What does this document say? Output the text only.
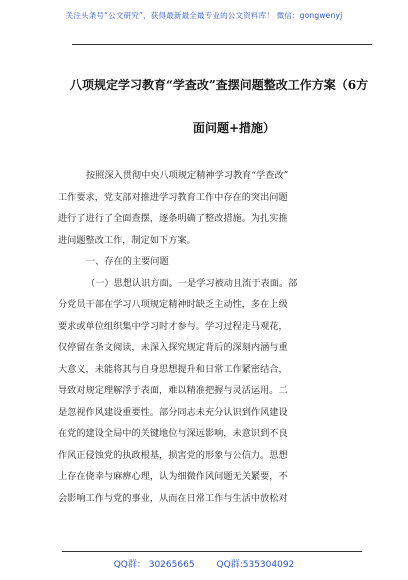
关注头条号“公文研究”，获得最新最全最专业的公文资料库！ 微信：gongwenyj
八项规定学习教育“学查改”查摆问题整改工作方案（6方
面问题+措施）
按照深入贯彻中央八项规定精神学习教育“学查改”
工作要求，党支部对推进学习教育工作中存在的突出问题
进行了进行了全面查摆，逐条明确了整改措施。为扎实推
进问题整改工作，制定如下方案。
一、存在的主要问题
（一）思想认识方面。一是学习被动且流于表面。部
分党员干部在学习八项规定精神时缺乏主动性，多在上级
要求或单位组织集中学习时才参与。学习过程走马观花，
仅停留在条文阅读，未深入探究规定背后的深刻内涵与重
大意义，未能将其与自身思想提升和日常工作紧密结合，
导致对规定理解浮于表面，难以精准把握与灵活运用。二
是忽视作风建设重要性。部分同志未充分认识到作风建设
在党的建设全局中的关键地位与深远影响，未意识到不良
作风正侵蚀党的执政根基，损害党的形象与公信力。思想
上存在侥幸与麻痹心理，认为细微作风问题无关紧要，不
会影响工作与党的事业，从而在日常工作与生活中放松对
QQ群： 30265665 QQ群:535304092
